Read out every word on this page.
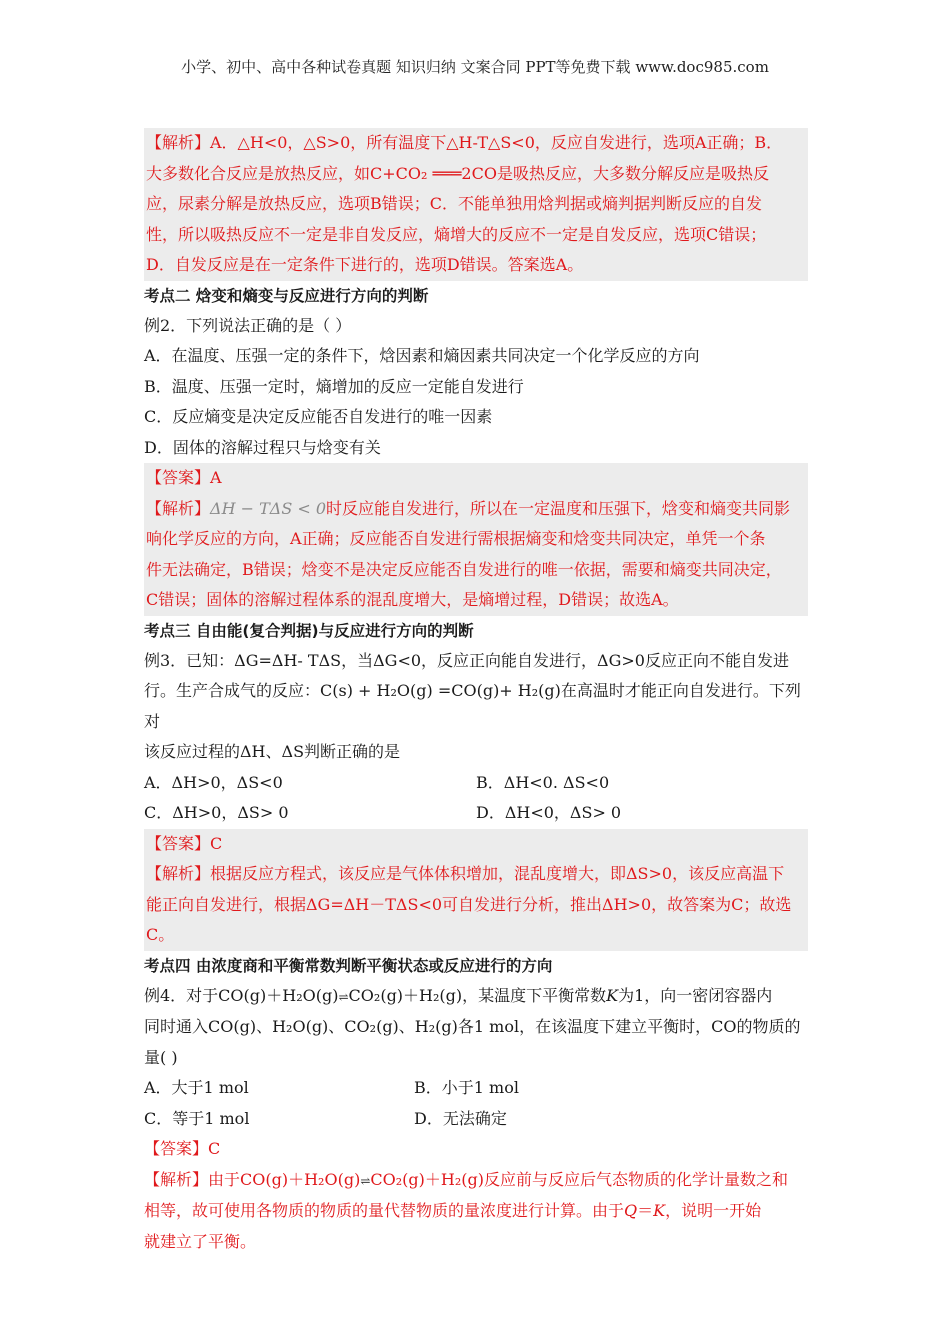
小学、初中、高中各种试卷真题 知识归纳 文案合同 PPT等免费下载 www.doc985.com
【解析】A．△H<0，△S>0，所有温度下△H-T△S<0，反应自发进行，选项A正确；B．
大多数化合反应是放热反应，如C+CO₂ ═══2CO是吸热反应，大多数分解反应是吸热反
应，尿素分解是放热反应，选项B错误；C．不能单独用焓判据或熵判据判断反应的自发
性，所以吸热反应不一定是非自发反应，熵增大的反应不一定是自发反应，选项C错误；
D．自发反应是在一定条件下进行的，选项D错误。答案选A。
考点二 焓变和熵变与反应进行方向的判断
例2．下列说法正确的是（ ）
A．在温度、压强一定的条件下，焓因素和熵因素共同决定一个化学反应的方向
B．温度、压强一定时，熵增加的反应一定能自发进行
C．反应熵变是决定反应能否自发进行的唯一因素
D．固体的溶解过程只与焓变有关
【答案】A
【解析】ΔH − TΔS < 0时反应能自发进行，所以在一定温度和压强下，焓变和熵变共同影
响化学反应的方向，A正确；反应能否自发进行需根据熵变和焓变共同决定，单凭一个条
件无法确定，B错误；焓变不是决定反应能否自发进行的唯一依据，需要和熵变共同决定，
C错误；固体的溶解过程体系的混乱度增大，是熵增过程，D错误；故选A。
考点三 自由能(复合判据)与反应进行方向的判断
例3．已知：ΔG=ΔH- TΔS，当ΔG<0，反应正向能自发进行，ΔG>0反应正向不能自发进
行。生产合成气的反应：C(s) + H₂O(g) =CO(g)+ H₂(g)在高温时才能正向自发进行。下列对
该反应过程的ΔH、ΔS判断正确的是
A．ΔH>0，ΔS<0	B．ΔH<0. ΔS<0
C．ΔH>0，ΔS> 0	D．ΔH<0，ΔS> 0
【答案】C
【解析】根据反应方程式，该反应是气体体积增加，混乱度增大，即ΔS>0，该反应高温下
能正向自发进行，根据ΔG=ΔH－TΔS<0可自发进行分析，推出ΔH>0，故答案为C；故选
C。
考点四 由浓度商和平衡常数判断平衡状态或反应进行的方向
例4．对于CO(g)＋H₂O(g)⇌CO₂(g)＋H₂(g)，某温度下平衡常数K为1，向一密闭容器内
同时通入CO(g)、H₂O(g)、CO₂(g)、H₂(g)各1 mol，在该温度下建立平衡时，CO的物质的
量( )
A．大于1 mol	B．小于1 mol
C．等于1 mol	D．无法确定
【答案】C
【解析】由于CO(g)＋H₂O(g)⇌CO₂(g)＋H₂(g)反应前与反应后气态物质的化学计量数之和
相等，故可使用各物质的物质的量代替物质的量浓度进行计算。由于Q＝K，说明一开始
就建立了平衡。
